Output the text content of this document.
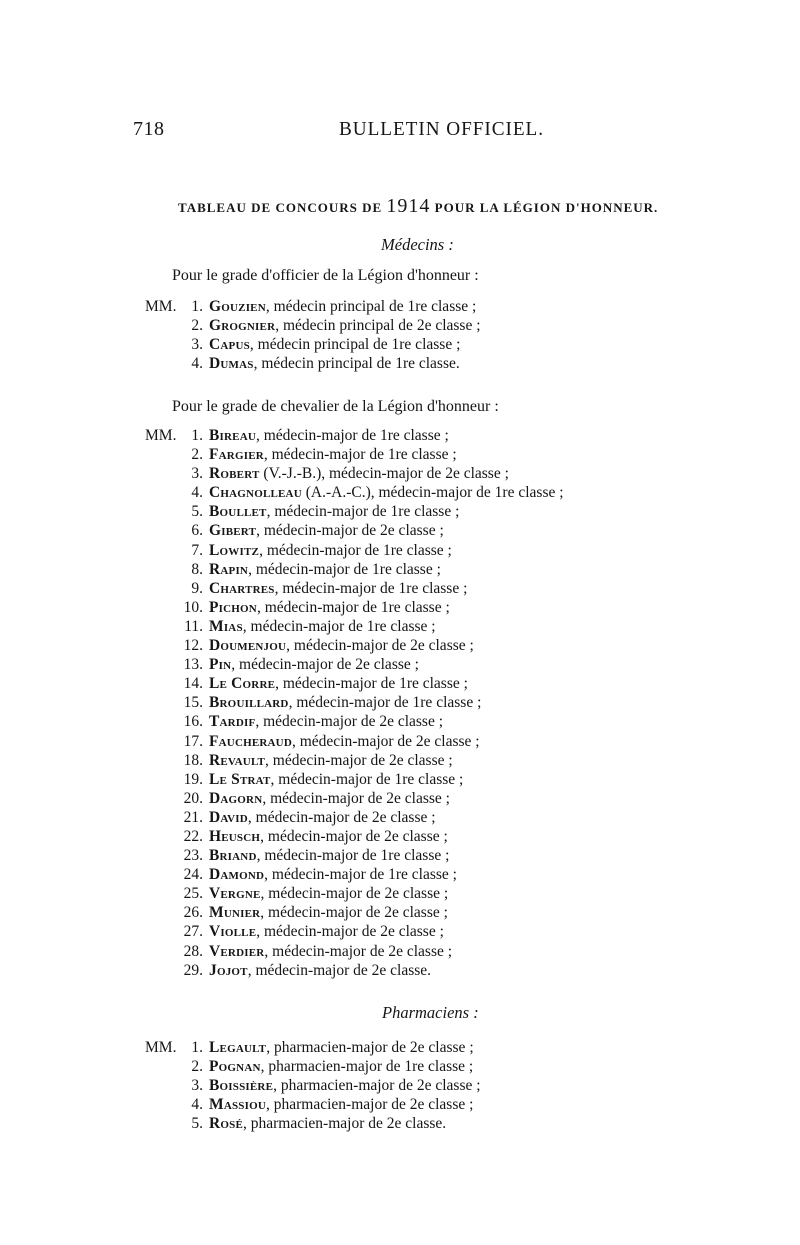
718	BULLETIN OFFICIEL.
TABLEAU DE CONCOURS DE 1914 POUR LA LÉGION D'HONNEUR.
Médecins :
Pour le grade d'officier de la Légion d'honneur :
MM. 1. Gouzien, médecin principal de 1re classe ;
2. Grognier, médecin principal de 2e classe ;
3. Capus, médecin principal de 1re classe ;
4. Dumas, médecin principal de 1re classe.
Pour le grade de chevalier de la Légion d'honneur :
MM. 1. Bireau, médecin-major de 1re classe ;
2. Fargier, médecin-major de 1re classe ;
3. Robert (V.-J.-B.), médecin-major de 2e classe ;
4. Chagnolleau (A.-A.-C.), médecin-major de 1re classe ;
5. Boullet, médecin-major de 1re classe ;
6. Gibert, médecin-major de 2e classe ;
7. Lowitz, médecin-major de 1re classe ;
8. Rapin, médecin-major de 1re classe ;
9. Chartres, médecin-major de 1re classe ;
10. Pichon, médecin-major de 1re classe ;
11. Mias, médecin-major de 1re classe ;
12. Doumenjou, médecin-major de 2e classe ;
13. Pin, médecin-major de 2e classe ;
14. Le Corre, médecin-major de 1re classe ;
15. Brouillard, médecin-major de 1re classe ;
16. Tardif, médecin-major de 2e classe ;
17. Faucheraud, médecin-major de 2e classe ;
18. Revault, médecin-major de 2e classe ;
19. Le Strat, médecin-major de 1re classe ;
20. Dagorn, médecin-major de 2e classe ;
21. David, médecin-major de 2e classe ;
22. Heusch, médecin-major de 2e classe ;
23. Briand, médecin-major de 1re classe ;
24. Damond, médecin-major de 1re classe ;
25. Vergne, médecin-major de 2e classe ;
26. Munier, médecin-major de 2e classe ;
27. Violle, médecin-major de 2e classe ;
28. Verdier, médecin-major de 2e classe ;
29. Jojot, médecin-major de 2e classe.
Pharmaciens :
MM. 1. Legault, pharmacien-major de 2e classe ;
2. Pognan, pharmacien-major de 1re classe ;
3. Boissière, pharmacien-major de 2e classe ;
4. Massiou, pharmacien-major de 2e classe ;
5. Rosé, pharmacien-major de 2e classe.
